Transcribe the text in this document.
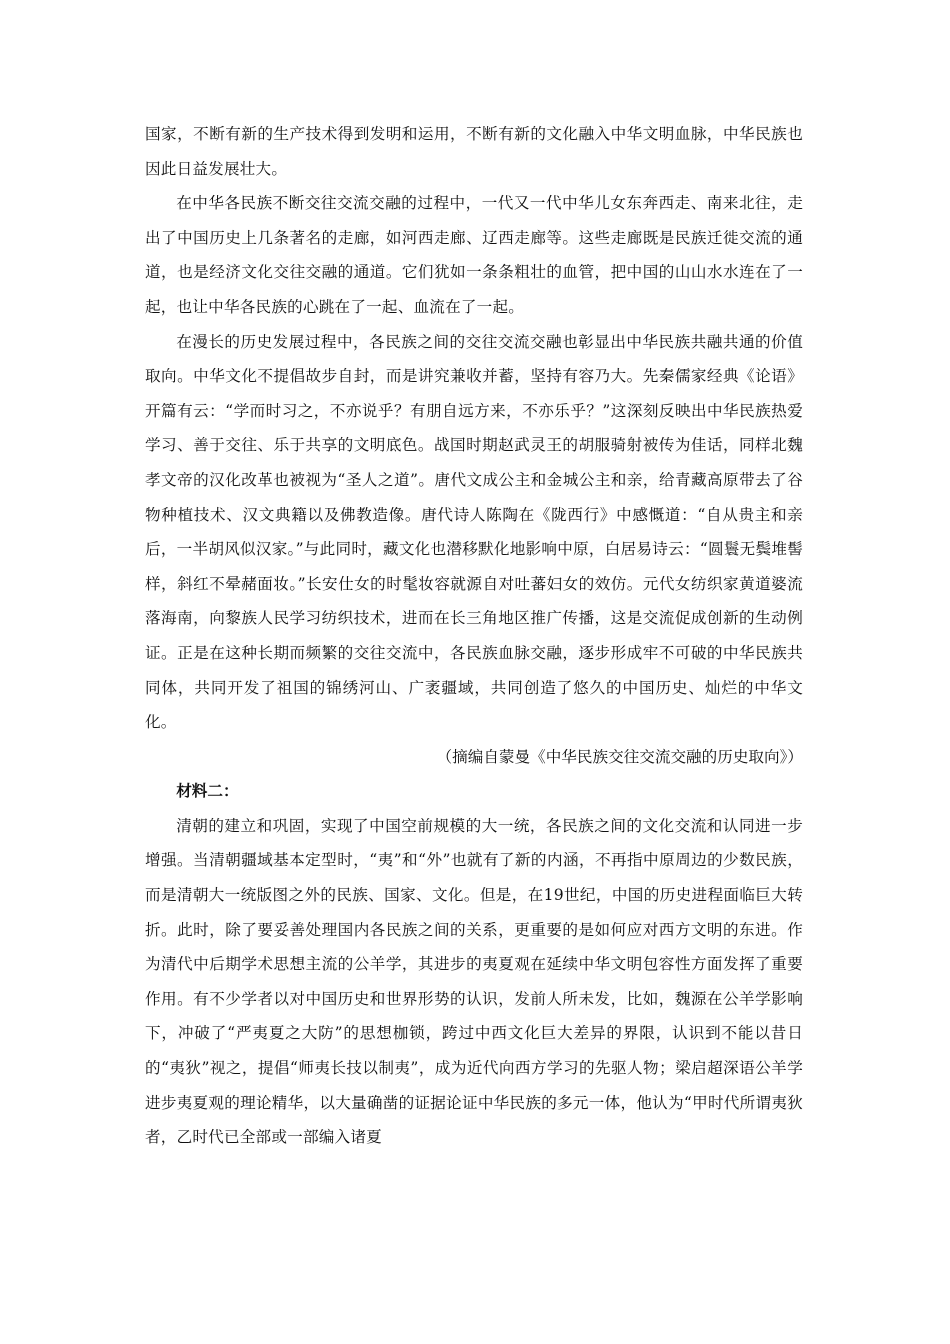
国家，不断有新的生产技术得到发明和运用，不断有新的文化融入中华文明血脉，中华民族也因此日益发展壮大。

在中华各民族不断交往交流交融的过程中，一代又一代中华儿女东奔西走、南来北往，走出了中国历史上几条著名的走廊，如河西走廊、辽西走廊等。这些走廊既是民族迁徙交流的通道，也是经济文化交往交融的通道。它们犹如一条条粗壮的血管，把中国的山山水水连在了一起，也让中华各民族的心跳在了一起、血流在了一起。

在漫长的历史发展过程中，各民族之间的交往交流交融也彰显出中华民族共融共通的价值取向。中华文化不提倡故步自封，而是讲究兼收并蓄，坚持有容乃大。先秦儒家经典《论语》开篇有云：“学而时习之，不亦说乎？有朋自远方来，不亦乐乎？”这深刻反映出中华民族热爱学习、善于交往、乐于共享的文明底色。战国时期赵武灵王的胡服骑射被传为佳话，同样北魏孝文帝的汉化改革也被视为“圣人之道”。唐代文成公主和金城公主和亲，给青藏高原带去了谷物种植技术、汉文典籍以及佛教造像。唐代诗人陈陶在《陇西行》中感慨道：“自从贵主和亲后，一半胡风似汉家。”与此同时，藏文化也潜移默化地影响中原，白居易诗云：“圆鬟无鬓堆髻样，斜红不晕赭面妆。”长安仕女的时髦妆容就源自对吐蕃妇女的效仿。元代女纺织家黄道婆流落海南，向黎族人民学习纺织技术，进而在长三角地区推广传播，这是交流促成创新的生动例证。正是在这种长期而频繁的交往交流中，各民族血脉交融，逐步形成牢不可破的中华民族共同体，共同开发了祖国的锦绣河山、广袤疆域，共同创造了悠久的中国历史、灿烂的中华文化。

（摘编自蒙曼《中华民族交往交流交融的历史取向》）

材料二：

清朝的建立和巩固，实现了中国空前规模的大一统，各民族之间的文化交流和认同进一步增强。当清朝疆域基本定型时，“夷”和“外”也就有了新的内涵，不再指中原周边的少数民族，而是清朝大一统版图之外的民族、国家、文化。但是，在19世纪，中国的历史进程面临巨大转折。此时，除了要妥善处理国内各民族之间的关系，更重要的是如何应对西方文明的东进。作为清代中后期学术思想主流的公羊学，其进步的夷夏观在延续中华文明包容性方面发挥了重要作用。有不少学者以对中国历史和世界形势的认识，发前人所未发，比如，魏源在公羊学影响下，冲破了“严夷夏之大防”的思想枷锁，跨过中西文化巨大差异的界限，认识到不能以昔日的“夷狄”视之，提倡“师夷长技以制夷”，成为近代向西方学习的先驱人物；梁启超深语公羊学进步夷夏观的理论精华，以大量确凿的证据论证中华民族的多元一体，他认为“甲时代所谓夷狄者，乙时代已全部或一部编入诸夏
